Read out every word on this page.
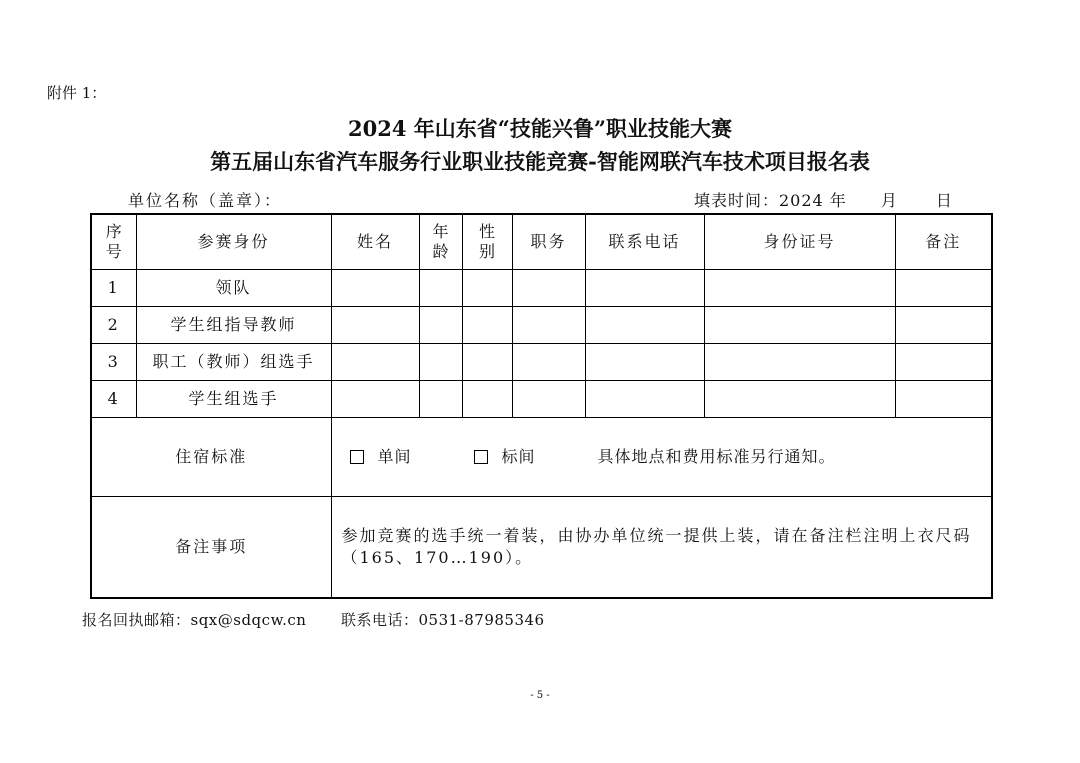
附件 1：
2024 年山东省“技能兴鲁”职业技能大赛
第五届山东省汽车服务行业职业技能竞赛-智能网联汽车技术项目报名表
单位名称（盖章）：	填表时间：2024 年 月 日
序号	参赛身份	姓名	年龄	性别	职务	联系电话	身份证号	备注
1	领队							
2	学生组指导教师							
3	职工（教师）组选手							
4	学生组选手							
住宿标准		单间 标间 具体地点和费用标准另行通知。						

备注事项		参加竞赛的选手统一着装，由协办单位统一提供上装，请在备注栏注明上衣尺码（165、170…190）。						
报名回执邮箱：sqx@sdqcw.cn 联系电话：0531-87985346
- 5 -
